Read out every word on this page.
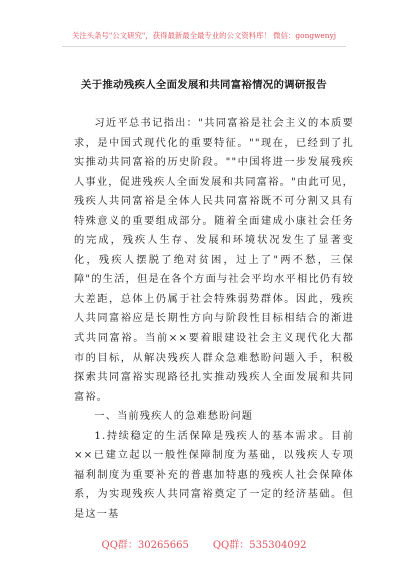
关注头条号"公文研究"，获得最新最全最专业的公文资料库！ 微信：gongwenyj
关于推动残疾人全面发展和共同富裕情况的调研报告

习近平总书记指出："共同富裕是社会主义的本质要求，是中国式现代化的重要特征。""现在，已经到了扎实推动共同富裕的历史阶段。""中国将进一步发展残疾人事业，促进残疾人全面发展和共同富裕。"由此可见，残疾人共同富裕是全体人民共同富裕既不可分割又具有特殊意义的重要组成部分。随着全面建成小康社会任务的完成，残疾人生存、发展和环境状况发生了显著变化，残疾人摆脱了绝对贫困，过上了"两不愁，三保障"的生活，但是在各个方面与社会平均水平相比仍有较大差距，总体上仍属于社会特殊弱势群体。因此，残疾人共同富裕应是长期性方向与阶段性目标相结合的渐进式共同富裕。当前××要着眼建设社会主义现代化大都市的目标，从解决残疾人群众急难愁盼问题入手，积极探索共同富裕实现路径扎实推动残疾人全面发展和共同富裕。

一、当前残疾人的急难愁盼问题

1.持续稳定的生活保障是残疾人的基本需求。目前××已建立起以一般性保障制度为基础，以残疾人专项福利制度为重要补充的普惠加特惠的残疾人社会保障体系，为实现残疾人共同富裕奠定了一定的经济基础。但是这一基

QQ群：30265665 QQ群：535304092
